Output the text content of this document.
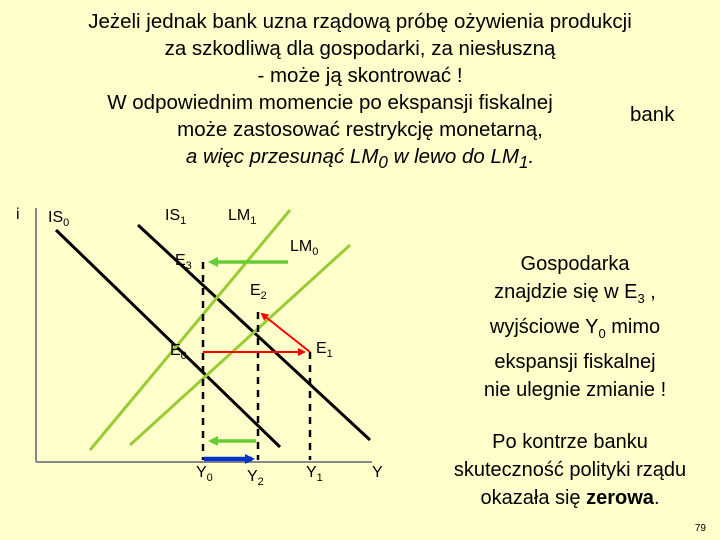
Jeżeli jednak bank uzna rządową próbę ożywienia produkcji
za szkodliwą dla gospodarki, za niesłuszną
- może ją skontrować !
W odpowiednim momencie po ekspansji fiskalnej
może zastosować restrykcję monetarną,
a więc przesunąć $LM_0$ w lewo do $LM_1$.
bank
i $IS_0$	$IS_1$	$LM_1$
$LM_0$
$E_3$
$E_2$
$E_0$	$E_1$
$Y_0$ $Y_2$
$Y_1$	Y
Gospodarka
znajdzie się w $E_3$ ,
wyjściowe $Y_0$ mimo
ekspansji fiskalnej
nie ulegnie zmianie !
Po kontrze banku
skuteczność polityki rządu
okazała się zerowa.
79
